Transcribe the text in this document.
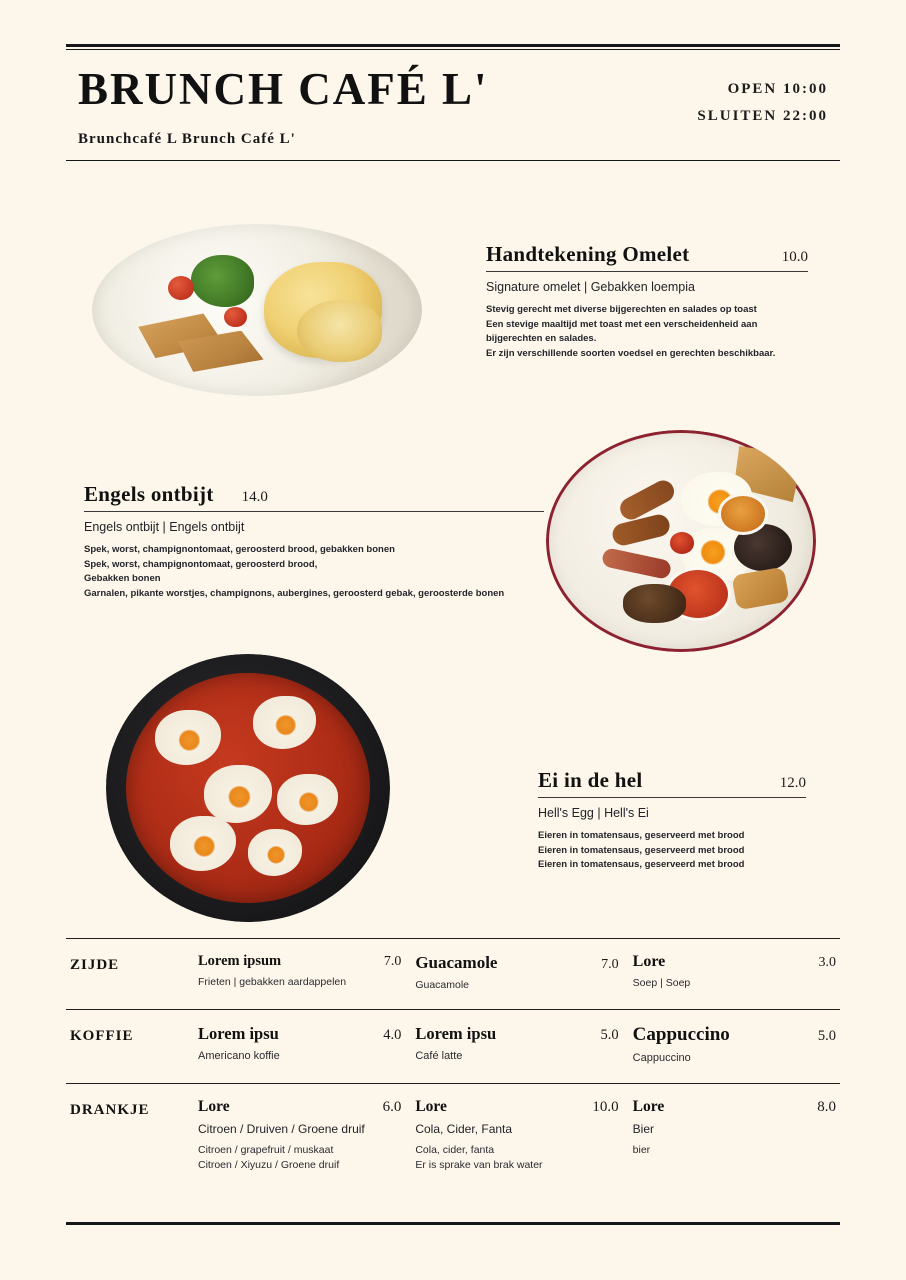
BRUNCH CAFÉ L'
Brunchcafé L Brunch Café L'
OPEN 10:00
SLUITEN 22:00
Handtekening Omelet	10.0
Signature omelet | Gebakken loempia
Stevig gerecht met diverse bijgerechten en salades op toast
Een stevige maaltijd met toast met een verscheidenheid aan
bijgerechten en salades.
Er zijn verschillende soorten voedsel en gerechten beschikbaar.
Engels ontbijt 14.0
Engels ontbijt | Engels ontbijt
Spek, worst, champignontomaat, geroosterd brood, gebakken bonen
Spek, worst, champignontomaat, geroosterd brood,
Gebakken bonen
Garnalen, pikante worstjes, champignons, aubergines, geroosterd gebak, geroosterde bonen
Ei in de hel	12.0
Hell's Egg | Hell's Ei
Eieren in tomatensaus, geserveerd met brood
Eieren in tomatensaus, geserveerd met brood
Eieren in tomatensaus, geserveerd met brood
ZIJDE	Lorem ipsum	7.0
Frieten | gebakken aardappelen
Guacamole	7.0
Guacamole
Lore	3.0
Soep | Soep
KOFFIE	Lorem ipsu	4.0
Americano koffie
Lorem ipsu	5.0
Café latte
Cappuccino	5.0
Cappuccino
DRANKJE	Lore	6.0
Citroen / Druiven / Groene druif
Citroen / grapefruit / muskaat
Citroen / Xiyuzu / Groene druif
Lore	10.0
Cola, Cider, Fanta
Cola, cider, fanta
Er is sprake van brak water
Lore	8.0
Bier
bier
